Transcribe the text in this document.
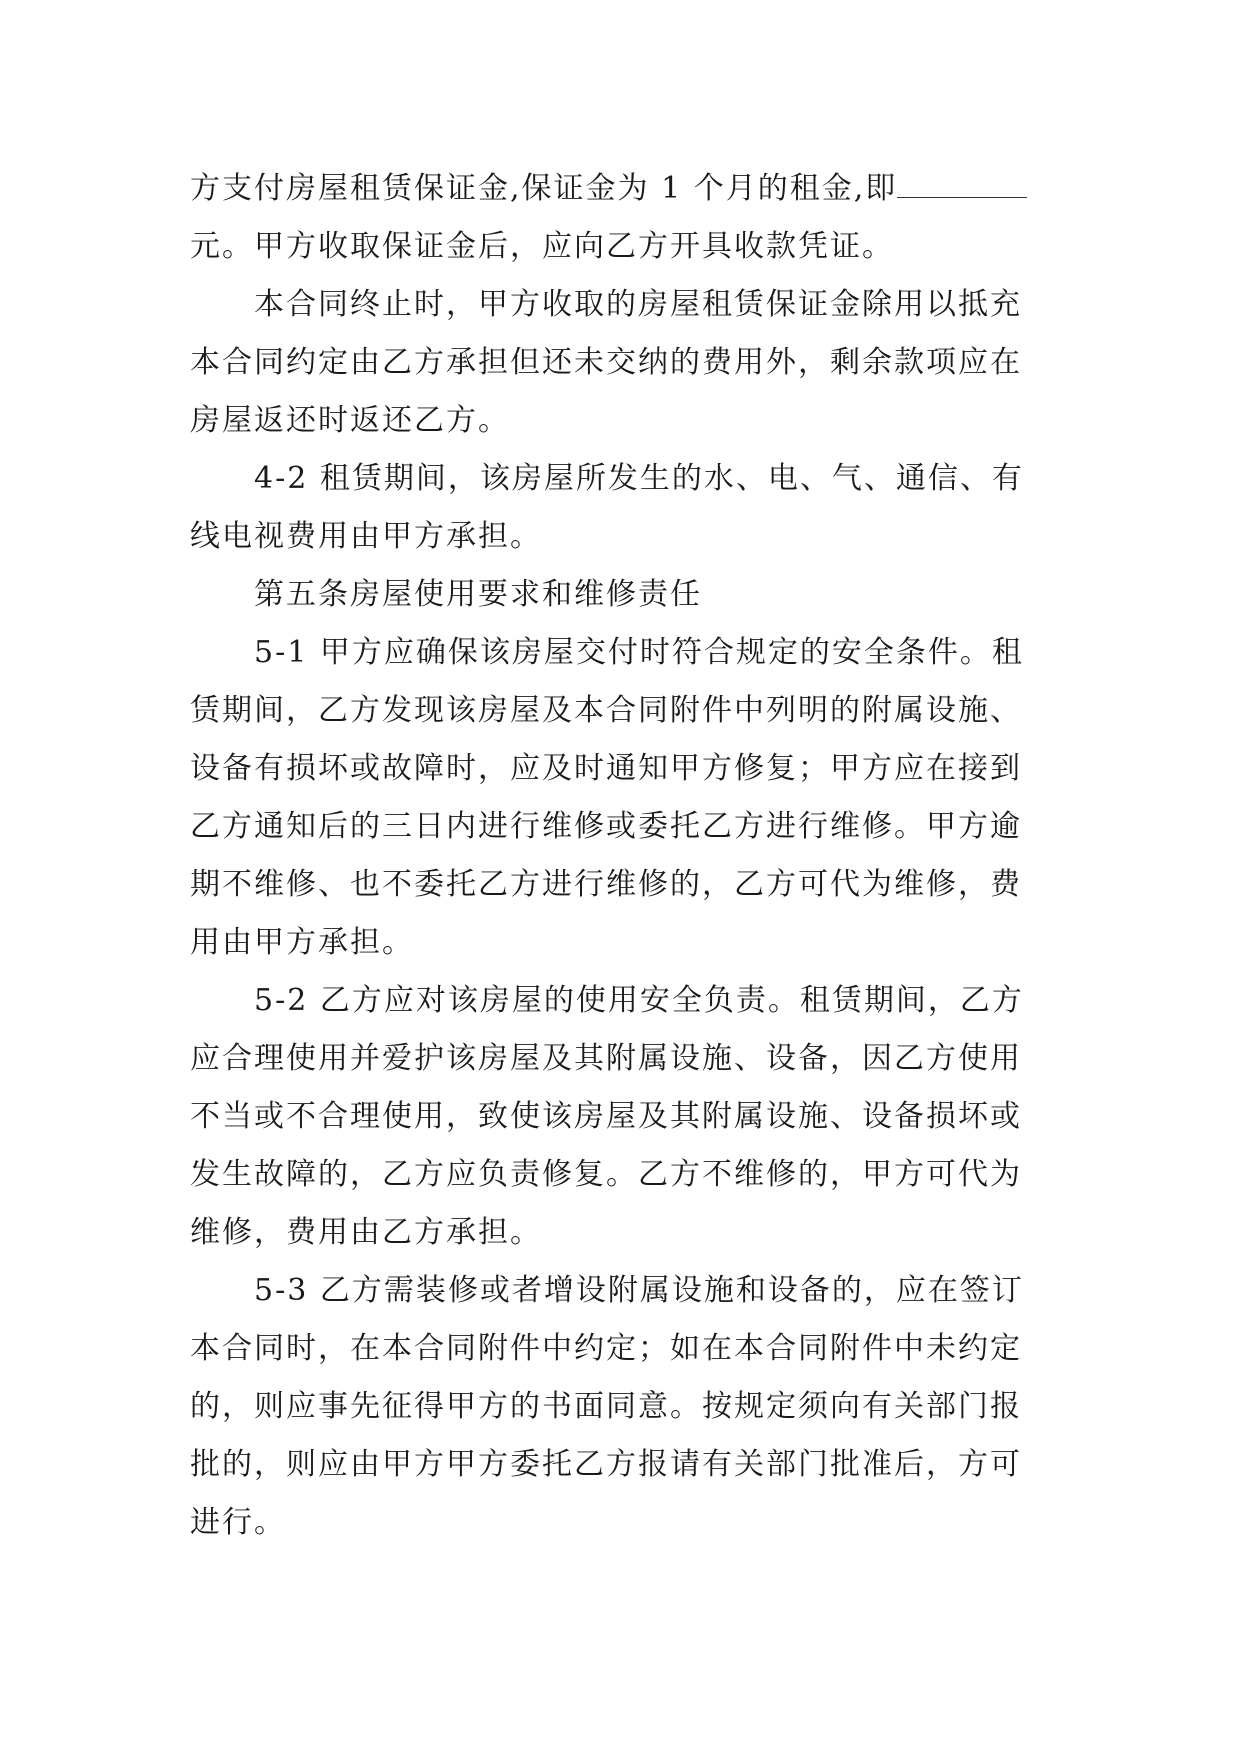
方支付房屋租赁保证金,保证金为 1 个月的租金,即
元。甲方收取保证金后，应向乙方开具收款凭证。
本合同终止时，甲方收取的房屋租赁保证金除用以抵充
本合同约定由乙方承担但还未交纳的费用外，剩余款项应在
房屋返还时返还乙方。
4-2 租赁期间，该房屋所发生的水、电、气、通信、有
线电视费用由甲方承担。
第五条房屋使用要求和维修责任
5-1 甲方应确保该房屋交付时符合规定的安全条件。租
赁期间，乙方发现该房屋及本合同附件中列明的附属设施、
设备有损坏或故障时，应及时通知甲方修复；甲方应在接到
乙方通知后的三日内进行维修或委托乙方进行维修。甲方逾
期不维修、也不委托乙方进行维修的，乙方可代为维修，费
用由甲方承担。
5-2 乙方应对该房屋的使用安全负责。租赁期间，乙方
应合理使用并爱护该房屋及其附属设施、设备，因乙方使用
不当或不合理使用，致使该房屋及其附属设施、设备损坏或
发生故障的，乙方应负责修复。乙方不维修的，甲方可代为
维修，费用由乙方承担。
5-3 乙方需装修或者增设附属设施和设备的，应在签订
本合同时，在本合同附件中约定；如在本合同附件中未约定
的，则应事先征得甲方的书面同意。按规定须向有关部门报
批的，则应由甲方甲方委托乙方报请有关部门批准后，方可
进行。
